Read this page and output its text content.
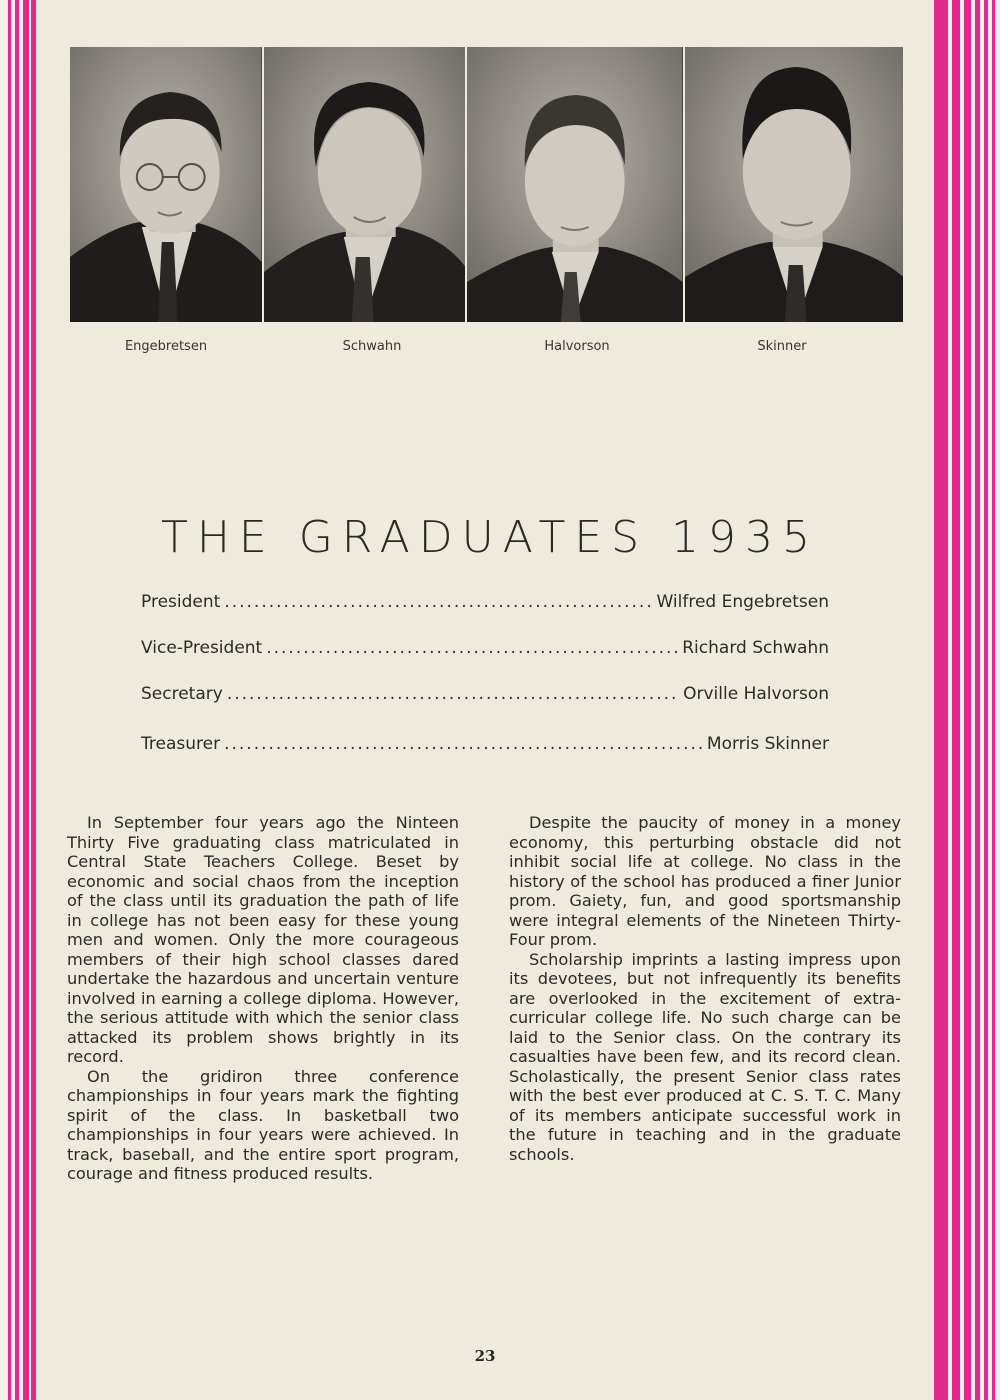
Engebretsen	Schwahn	Halvorson	Skinner
THE GRADUATES 1935
President .....	Wilfred Engebretsen
Vice-President .....	Richard Schwahn
Secretary .....	Orville Halvorson
Treasurer .....	Morris Skinner

In September four years ago the Ninteen Thirty Five graduating class matriculated in Central State Teachers College. Beset by economic and social chaos from the inception of the class until its graduation the path of life in college has not been easy for these young men and women. Only the more courageous members of their high school classes dared undertake the hazardous and uncertain venture involved in earning a college diploma. However, the serious attitude with which the senior class attacked its problem shows brightly in its record.

On the gridiron three conference championships in four years mark the fighting spirit of the class. In basketball two championships in four years were achieved. In track, baseball, and the entire sport program, courage and fitness produced results.

Despite the paucity of money in a money economy, this perturbing obstacle did not inhibit social life at college. No class in the history of the school has produced a finer Junior prom. Gaiety, fun, and good sportsmanship were integral elements of the Nineteen Thirty-Four prom.

Scholarship imprints a lasting impress upon its devotees, but not infrequently its benefits are overlooked in the excitement of extra-curricular college life. No such charge can be laid to the Senior class. On the contrary its casualties have been few, and its record clean. Scholastically, the present Senior class rates with the best ever produced at C. S. T. C. Many of its members anticipate successful work in the future in teaching and in the graduate schools.

23
